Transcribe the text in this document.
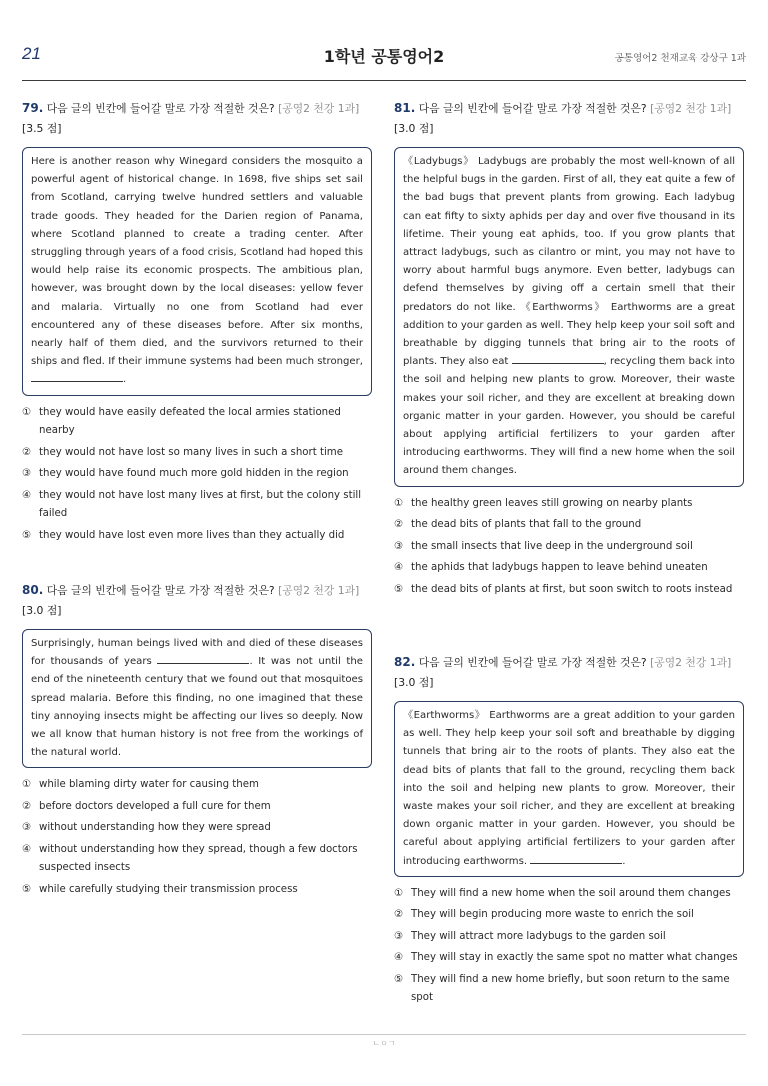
21	1학년 공통영어2	공통영어2 천재교육 강상구 1과
79. 다음 글의 빈칸에 들어갈 말로 가장 적절한 것은? [공영2 천강 1과] [3.5 점]
Here is another reason why Winegard considers the mosquito a powerful agent of historical change. In 1698, five ships set sail from Scotland, carrying twelve hundred settlers and valuable trade goods. They headed for the Darien region of Panama, where Scotland planned to create a trading center. After struggling through years of a food crisis, Scotland had hoped this would help raise its economic prospects. The ambitious plan, however, was brought down by the local diseases: yellow fever and malaria. Virtually no one from Scotland had ever encountered any of these diseases before. After six months, nearly half of them died, and the survivors returned to their ships and fled. If their immune systems had been much stronger, .
① they would have easily defeated the local armies stationed nearby
② they would not have lost so many lives in such a short time
③ they would have found much more gold hidden in the region
④ they would not have lost many lives at first, but the colony still failed
⑤ they would have lost even more lives than they actually did
80. 다음 글의 빈칸에 들어갈 말로 가장 적절한 것은? [공영2 천강 1과] [3.0 점]
Surprisingly, human beings lived with and died of these diseases for thousands of years	. It was not until the end of the nineteenth century that we found out that mosquitoes spread malaria. Before this finding, no one imagined that these tiny annoying insects might be affecting our lives so deeply. Now we all know that human history is not free from the workings of the natural world.
① while blaming dirty water for causing them
② before doctors developed a full cure for them
③ without understanding how they were spread
④ without understanding how they spread, though a few doctors suspected insects
⑤ while carefully studying their transmission process
81. 다음 글의 빈칸에 들어갈 말로 가장 적절한 것은? [공영2 천강 1과] [3.0 점]
《Ladybugs》 Ladybugs are probably the most well-known of all the helpful bugs in the garden. First of all, they eat quite a few of the bad bugs that prevent plants from growing. Each ladybug can eat fifty to sixty aphids per day and over five thousand in its lifetime. Their young eat aphids, too. If you grow plants that attract ladybugs, such as cilantro or mint, you may not have to worry about harmful bugs anymore. Even better, ladybugs can defend themselves by giving off a certain smell that their predators do not like. 《Earthworms》 Earthworms are a great addition to your garden as well. They help keep your soil soft and breathable by digging tunnels that bring air to the roots of plants. They also eat	, recycling them back into the soil and helping new plants to grow. Moreover, their waste makes your soil richer, and they are excellent at breaking down organic matter in your garden. However, you should be careful about applying artificial fertilizers to your garden after introducing earthworms. They will find a new home when the soil around them changes.
① the healthy green leaves still growing on nearby plants
② the dead bits of plants that fall to the ground
③ the small insects that live deep in the underground soil
④ the aphids that ladybugs happen to leave behind uneaten
⑤ the dead bits of plants at first, but soon switch to roots instead
82. 다음 글의 빈칸에 들어갈 말로 가장 적절한 것은? [공영2 천강 1과] [3.0 점]
《Earthworms》 Earthworms are a great addition to your garden as well. They help keep your soil soft and breathable by digging tunnels that bring air to the roots of plants. They also eat the dead bits of plants that fall to the ground, recycling them back into the soil and helping new plants to grow. Moreover, their waste makes your soil richer, and they are excellent at breaking down organic matter in your garden. However, you should be careful about applying artificial fertilizers to your garden after introducing earthworms.	.
① They will find a new home when the soil around them changes
② They will begin producing more waste to enrich the soil
③ They will attract more ladybugs to the garden soil
④ They will stay in exactly the same spot no matter what changes
⑤ They will find a new home briefly, but soon return to the same spot
ㄴㅇㄱ
